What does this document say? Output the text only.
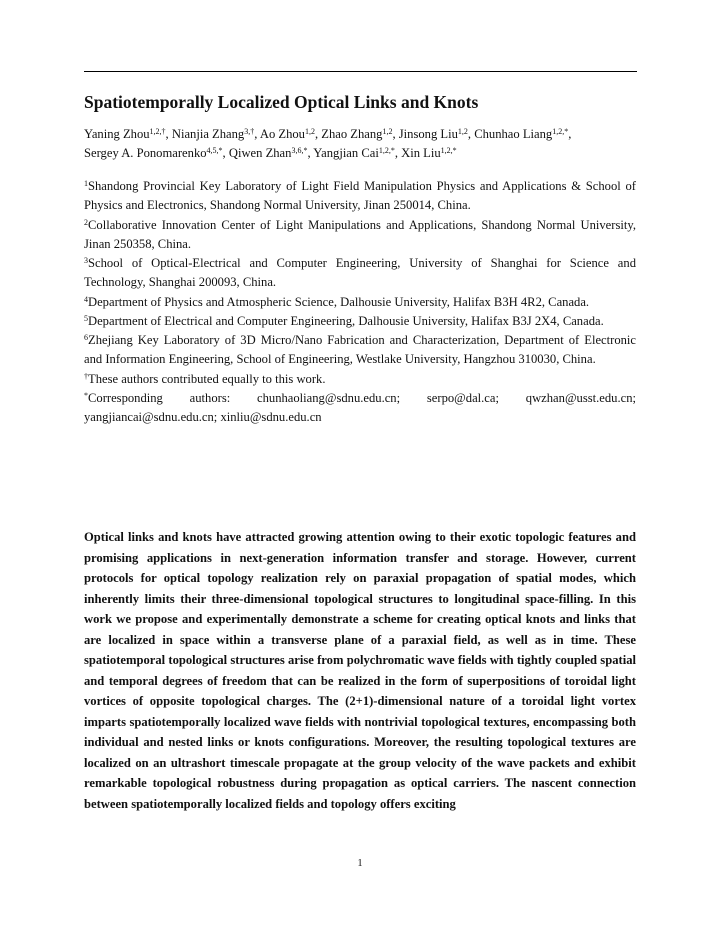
Spatiotemporally Localized Optical Links and Knots
Yaning Zhou$^{1,2,\dagger}$, Nianjia Zhang$^{3,\dagger}$, Ao Zhou$^{1,2}$, Zhao Zhang$^{1,2}$, Jinsong Liu$^{1,2}$, Chunhao Liang$^{1,2,*}$,
Sergey A. Ponomarenko$^{4,5,*}$, Qiwen Zhan$^{3,6,*}$, Yangjian Cai$^{1,2,*}$, Xin Liu$^{1,2,*}$

$^1$Shandong Provincial Key Laboratory of Light Field Manipulation Physics and Applications & School of Physics and Electronics, Shandong Normal University, Jinan 250014, China.

$^2$Collaborative Innovation Center of Light Manipulations and Applications, Shandong Normal University, Jinan 250358, China.

$^3$School of Optical-Electrical and Computer Engineering, University of Shanghai for Science and Technology, Shanghai 200093, China.

$^4$Department of Physics and Atmospheric Science, Dalhousie University, Halifax B3H 4R2, Canada.

$^5$Department of Electrical and Computer Engineering, Dalhousie University, Halifax B3J 2X4, Canada.

$^6$Zhejiang Key Laboratory of 3D Micro/Nano Fabrication and Characterization, Department of Electronic and Information Engineering, School of Engineering, Westlake University, Hangzhou 310030, China.

†These authors contributed equally to this work.

*Corresponding authors: chunhaoliang@sdnu.edu.cn; serpo@dal.ca; qwzhan@usst.edu.cn; yangjiancai@sdnu.edu.cn; xinliu@sdnu.edu.cn

Optical links and knots have attracted growing attention owing to their exotic topologic features and promising applications in next-generation information transfer and storage. However, current protocols for optical topology realization rely on paraxial propagation of spatial modes, which inherently limits their three-dimensional topological structures to longitudinal space-filling. In this work we propose and experimentally demonstrate a scheme for creating optical knots and links that are localized in space within a transverse plane of a paraxial field, as well as in time. These spatiotemporal topological structures arise from polychromatic wave fields with tightly coupled spatial and temporal degrees of freedom that can be realized in the form of superpositions of toroidal light vortices of opposite topological charges. The (2+1)-dimensional nature of a toroidal light vortex imparts spatiotemporally localized wave fields with nontrivial topological textures, encompassing both individual and nested links or knots configurations. Moreover, the resulting topological textures are localized on an ultrashort timescale propagate at the group velocity of the wave packets and exhibit remarkable topological robustness during propagation as optical carriers. The nascent connection between spatiotemporally localized fields and topology offers exciting

1
